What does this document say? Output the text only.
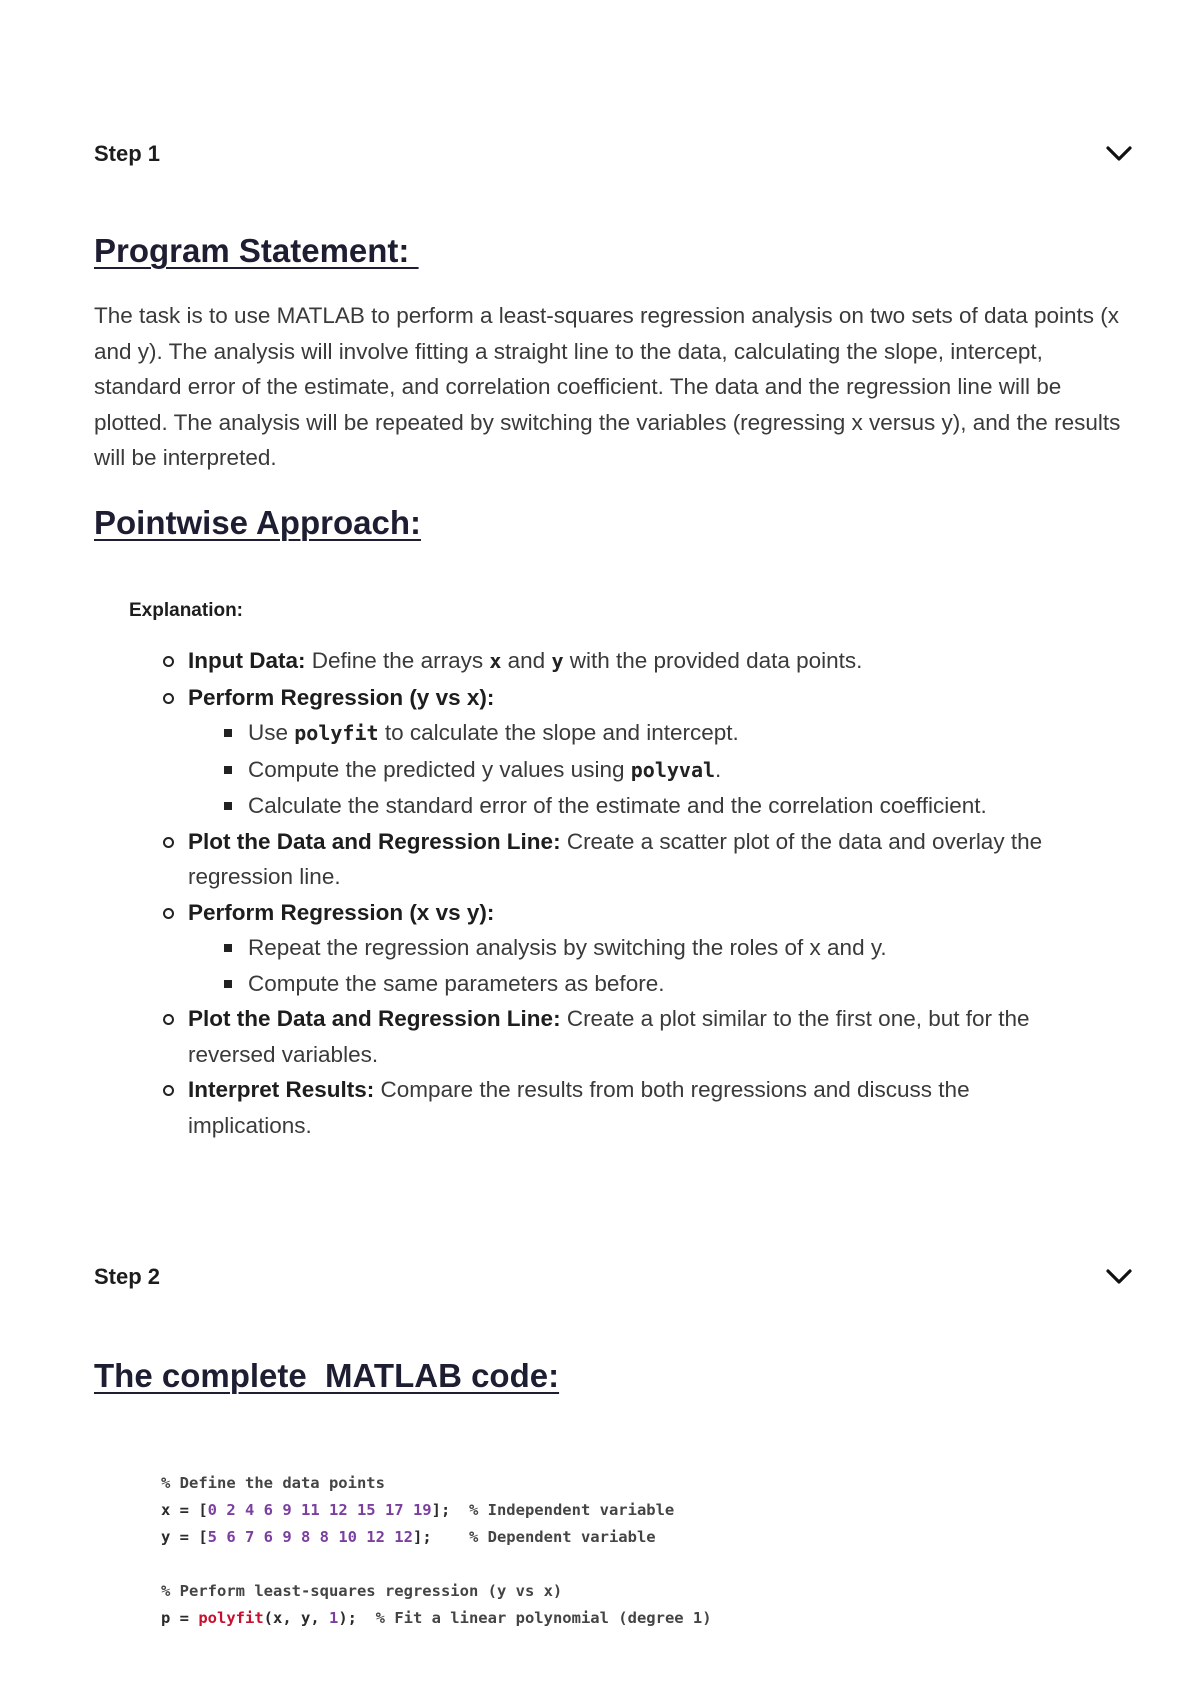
Step 1
Program Statement:

The task is to use MATLAB to perform a least-squares regression analysis on two sets of data points (x and y). The analysis will involve fitting a straight line to the data, calculating the slope, intercept, standard error of the estimate, and correlation coefficient. The data and the regression line will be plotted. The analysis will be repeated by switching the variables (regressing x versus y), and the results will be interpreted.

Pointwise Approach:
Explanation:
Input Data: Define the arrays x and y with the provided data points.
Perform Regression (y vs x):
Use polyfit to calculate the slope and intercept.
Compute the predicted y values using polyval.
Calculate the standard error of the estimate and the correlation coefficient.
Plot the Data and Regression Line: Create a scatter plot of the data and overlay the regression line.
Perform Regression (x vs y):
Repeat the regression analysis by switching the roles of x and y.
Compute the same parameters as before.
Plot the Data and Regression Line: Create a plot similar to the first one, but for the reversed variables.
Interpret Results: Compare the results from both regressions and discuss the implications.
Step 2
The complete  MATLAB code:
% Define the data points
x = [0 2 4 6 9 11 12 15 17 19];  % Independent variable
y = [5 6 7 6 9 8 8 10 12 12];    % Dependent variable

% Perform least-squares regression (y vs x)
p = polyfit(x, y, 1);  % Fit a linear polynomial (degree 1)
